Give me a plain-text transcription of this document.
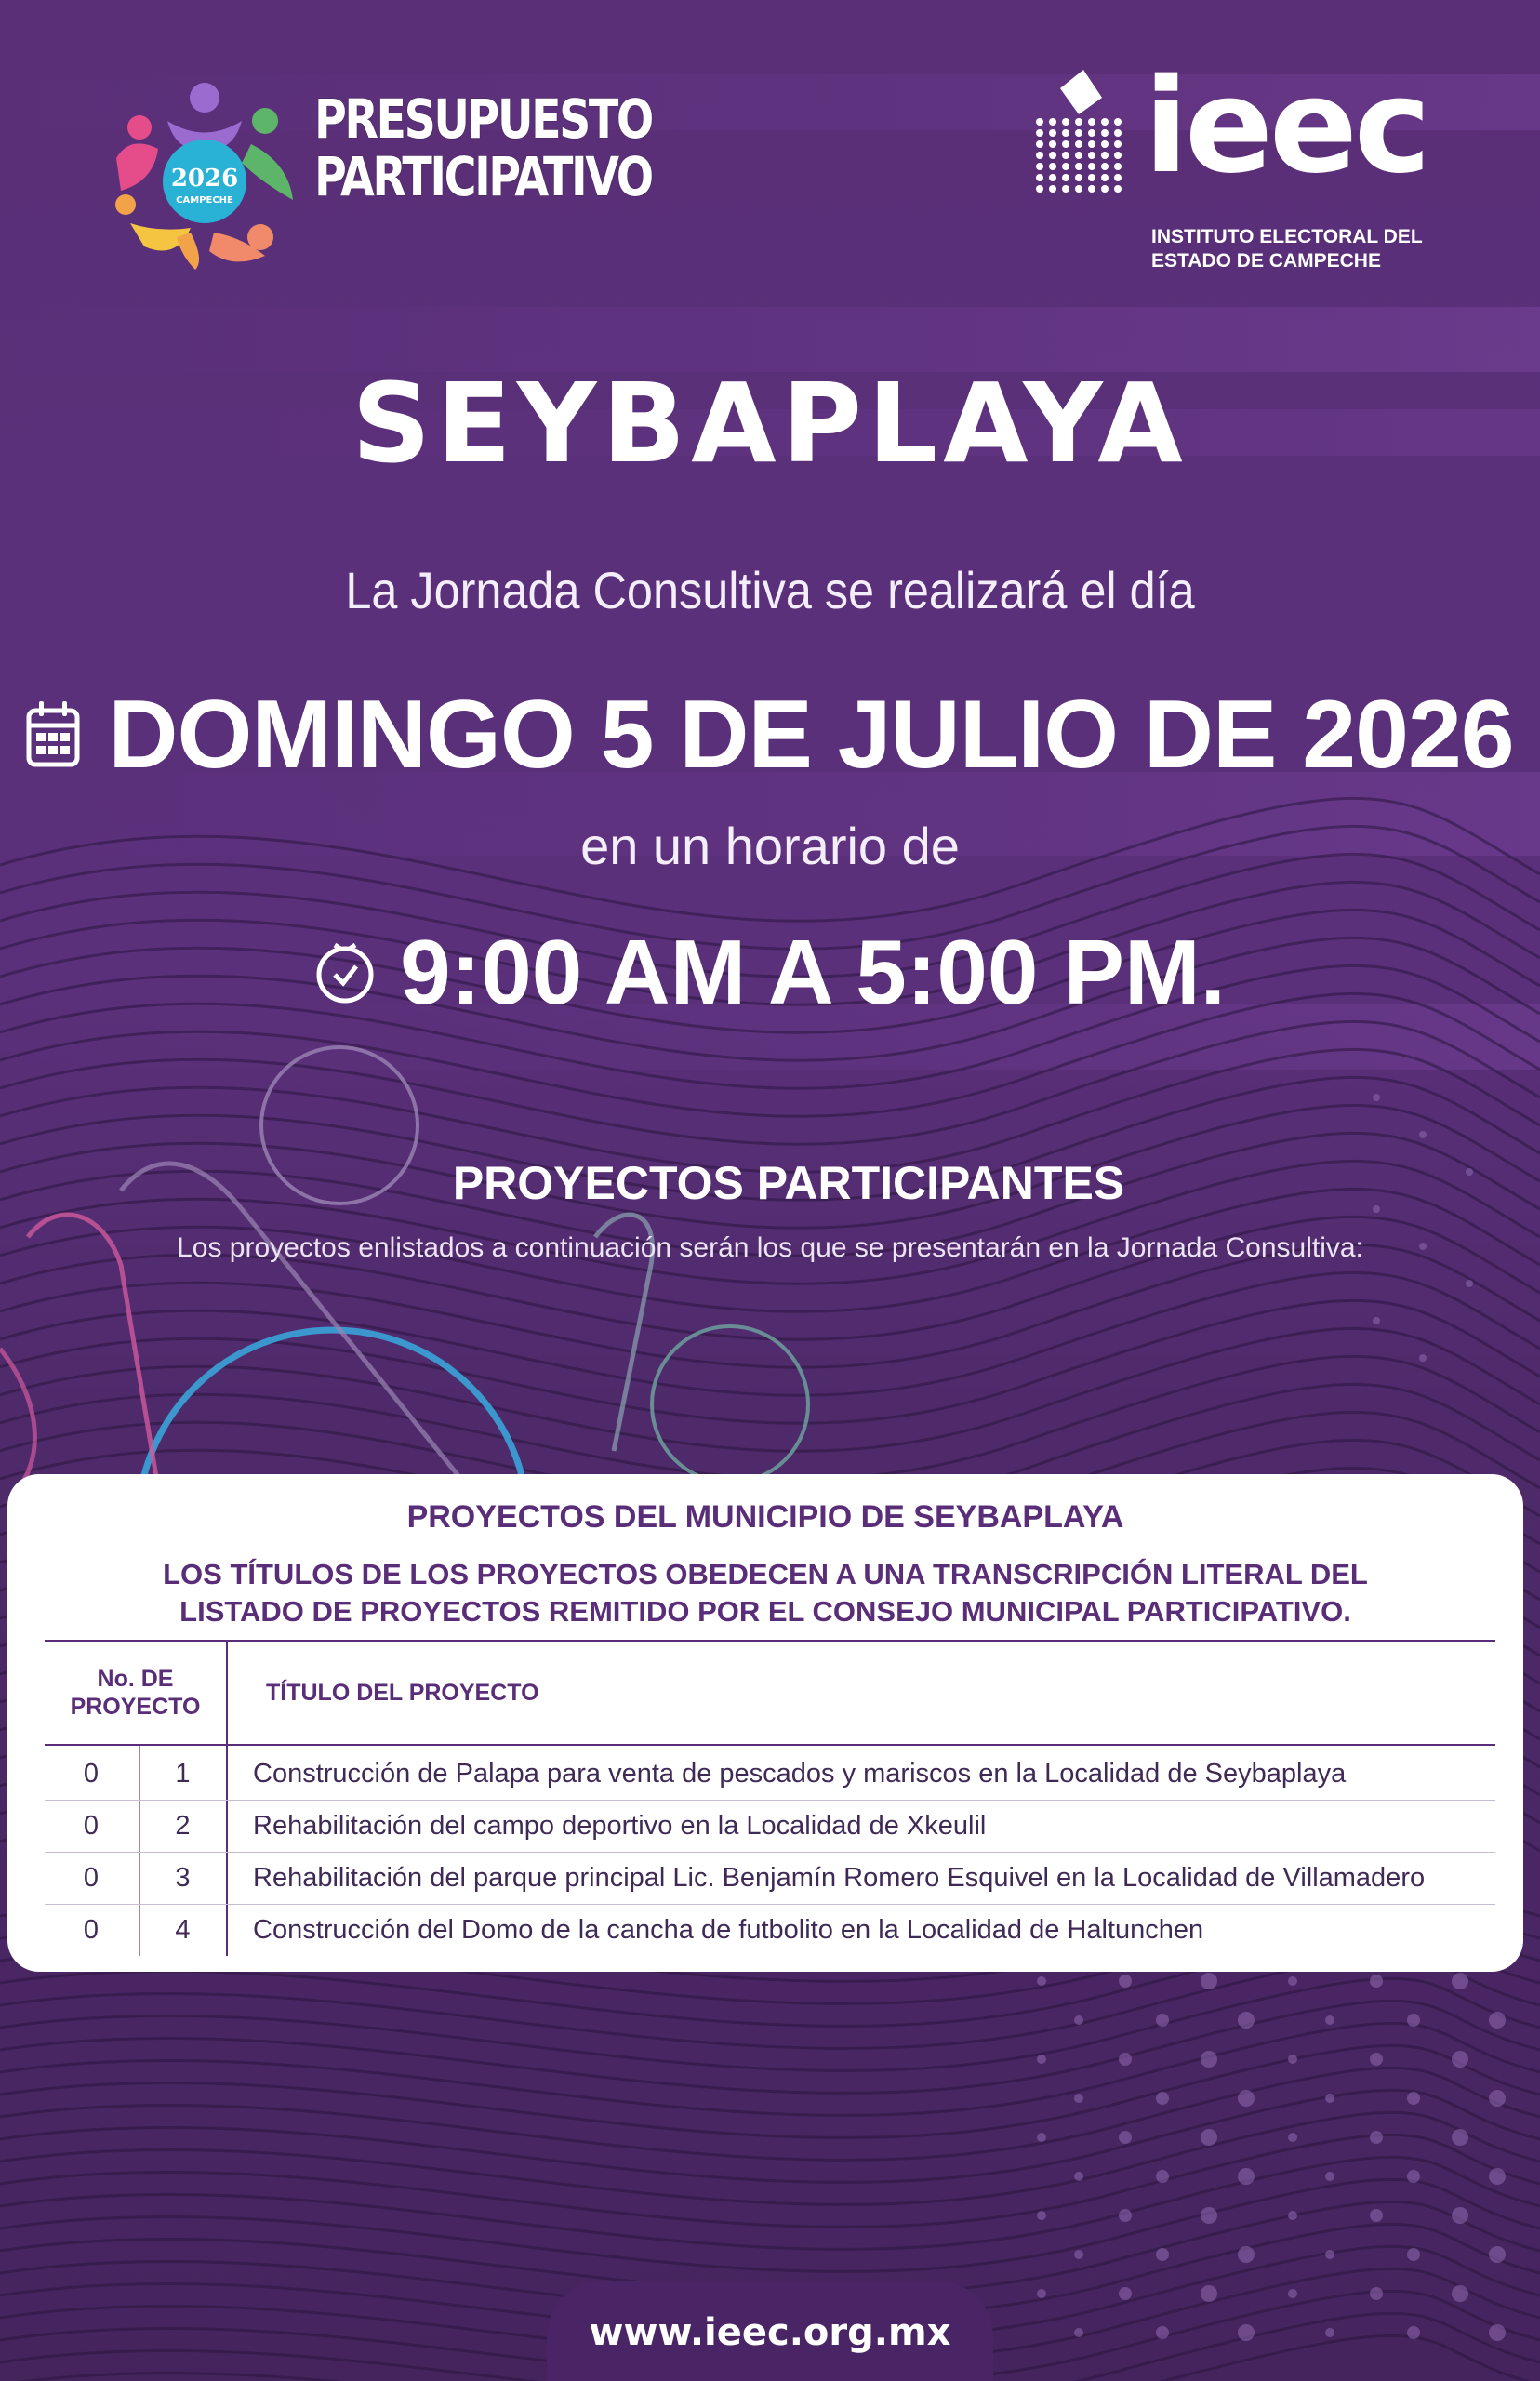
2026
CAMPECHE
PRESUPUESTO
PARTICIPATIVO	ieec
INSTITUTO ELECTORAL DEL
ESTADO DE CAMPECHE
SEYBAPLAYA
La Jornada Consultiva se realizará el día
DOMINGO 5 DE JULIO DE 2026
en un horario de
9:00 AM A 5:00 PM.
PROYECTOS PARTICIPANTES
Los proyectos enlistados a continuación serán los que se presentarán en la Jornada Consultiva:
PROYECTOS DEL MUNICIPIO DE SEYBAPLAYA
LOS TÍTULOS DE LOS PROYECTOS OBEDECEN A UNA TRANSCRIPCIÓN LITERAL DEL
LISTADO DE PROYECTOS REMITIDO POR EL CONSEJO MUNICIPAL PARTICIPATIVO.
No. DE
PROYECTO
TÍTULO DEL PROYECTO
0	1	Construcción de Palapa para venta de pescados y mariscos en la Localidad de Seybaplaya
0	2	Rehabilitación del campo deportivo en la Localidad de Xkeulil
0	3	Rehabilitación del parque principal Lic. Benjamín Romero Esquivel en la Localidad de Villamadero
0	4	Construcción del Domo de la cancha de futbolito en la Localidad de Haltunchen
www.ieec.org.mx
